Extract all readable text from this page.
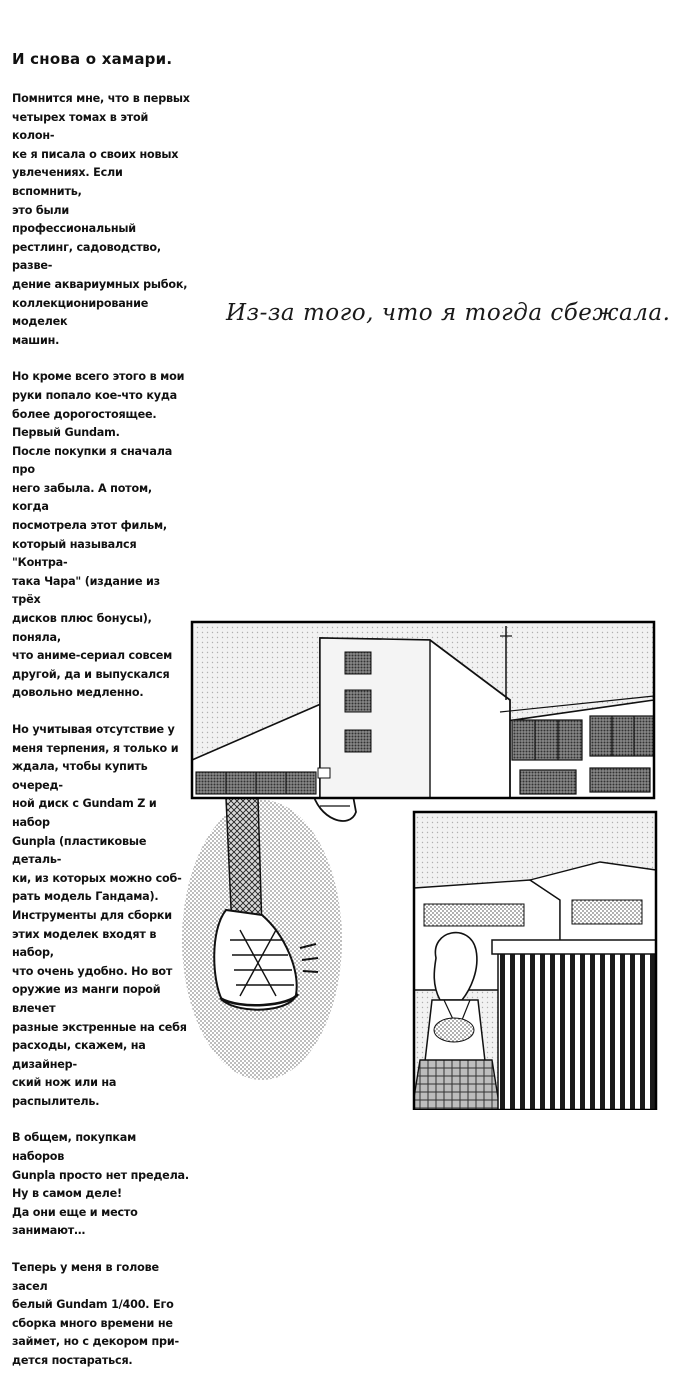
И снова о хамари.
Помнится мне, что в первых
четырех томах в этой колон-
ке я писала о своих новых
увлечениях. Если вспомнить,
это были профессиональный
рестлинг, садоводство, разве-
дение аквариумных рыбок,
коллекционирование моделек
машин.
Но кроме всего этого в мои
руки попало кое-что куда
более дорогостоящее.
Первый Gundam.
После покупки я сначала про
него забыла. А потом, когда
посмотрела этот фильм,
который назывался "Контра-
така Чара" (издание из трёх
дисков плюс бонусы), поняла,
что аниме-сериал совсем
другой, да и выпускался
довольно медленно.
Но учитывая отсутствие у
меня терпения, я только и
ждала, чтобы купить очеред-
ной диск с Gundam Z и набор
Gunpla (пластиковые деталь-
ки, из которых можно соб-
рать модель Гандама).
Инструменты для сборки
этих моделек входят в набор,
что очень удобно. Но вот
оружие из манги порой влечет
разные экстренные на себя
расходы, скажем, на дизайнер-
ский нож или на распылитель.
В общем, покупкам наборов
Gunpla просто нет предела.
Ну в самом деле!
Да они еще и место
занимают…
Теперь у меня в голове засел
белый Gundam 1/400. Его
сборка много времени не
займет, но с декором при-
дется постараться.
Из-за того, что я тогда сбежала.
